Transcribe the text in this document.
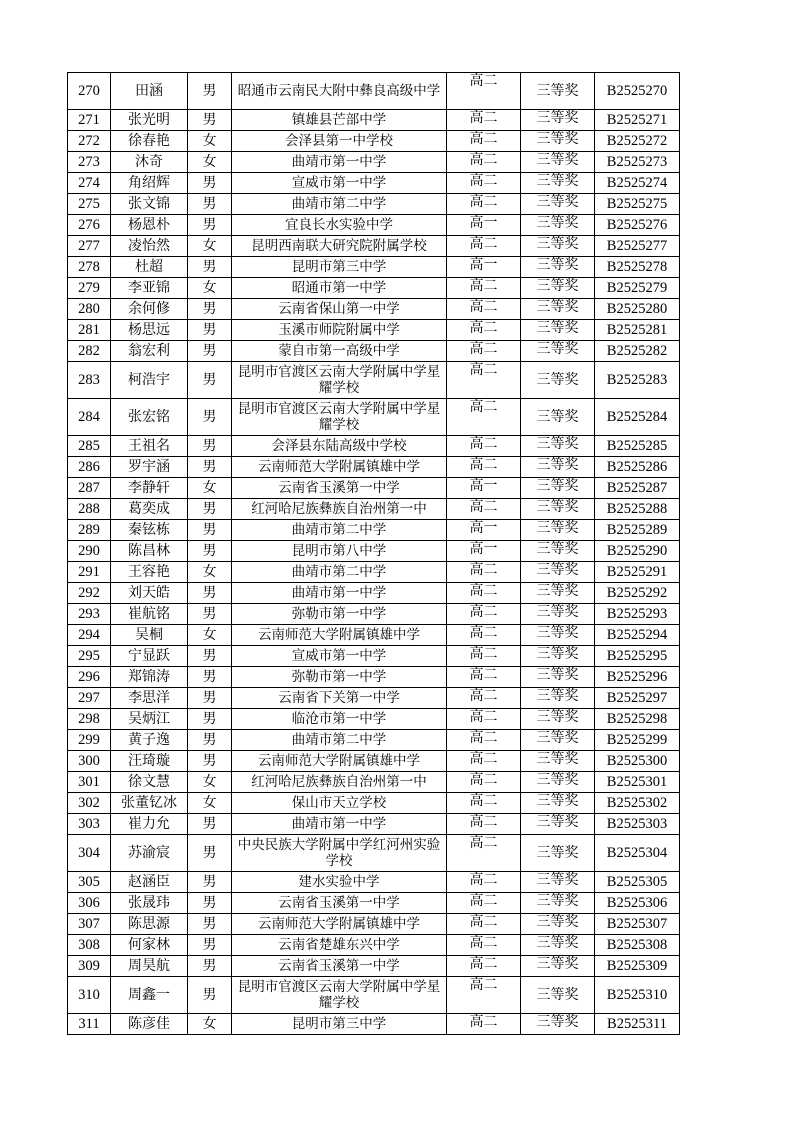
270	田涵	男	昭通市云南民大附中彝良高级中学	高二	三等奖	B2525270
271	张光明	男	镇雄县芒部中学	高二	三等奖	B2525271
272	徐春艳	女	会泽县第一中学校	高二	三等奖	B2525272
273	沐奇	女	曲靖市第一中学	高二	三等奖	B2525273
274	角绍辉	男	宣威市第一中学	高二	三等奖	B2525274
275	张文锦	男	曲靖市第二中学	高二	三等奖	B2525275
276	杨恩朴	男	宜良长水实验中学	高一	三等奖	B2525276
277	凌怡然	女	昆明西南联大研究院附属学校	高二	三等奖	B2525277
278	杜超	男	昆明市第三中学	高一	三等奖	B2525278
279	李亚锦	女	昭通市第一中学	高二	三等奖	B2525279
280	余何修	男	云南省保山第一中学	高二	三等奖	B2525280
281	杨思远	男	玉溪市师院附属中学	高二	三等奖	B2525281
282	翁宏利	男	蒙自市第一高级中学	高二	三等奖	B2525282
283	柯浩宇	男	昆明市官渡区云南大学附属中学星耀学校	高二	三等奖	B2525283
284	张宏铭	男	昆明市官渡区云南大学附属中学星耀学校	高二	三等奖	B2525284
285	王祖名	男	会泽县东陆高级中学校	高二	三等奖	B2525285
286	罗宇涵	男	云南师范大学附属镇雄中学	高二	三等奖	B2525286
287	李静轩	女	云南省玉溪第一中学	高一	三等奖	B2525287
288	葛奕成	男	红河哈尼族彝族自治州第一中	高二	三等奖	B2525288
289	秦铉栋	男	曲靖市第二中学	高一	三等奖	B2525289
290	陈昌林	男	昆明市第八中学	高一	三等奖	B2525290
291	王容艳	女	曲靖市第二中学	高二	三等奖	B2525291
292	刘天皓	男	曲靖市第一中学	高二	三等奖	B2525292
293	崔航铭	男	弥勒市第一中学	高二	三等奖	B2525293
294	吴桐	女	云南师范大学附属镇雄中学	高二	三等奖	B2525294
295	宁显跃	男	宣威市第一中学	高二	三等奖	B2525295
296	郑锦涛	男	弥勒市第一中学	高二	三等奖	B2525296
297	李思洋	男	云南省下关第一中学	高二	三等奖	B2525297
298	吴炳江	男	临沧市第一中学	高二	三等奖	B2525298
299	黄子逸	男	曲靖市第二中学	高二	三等奖	B2525299
300	汪琦璇	男	云南师范大学附属镇雄中学	高二	三等奖	B2525300
301	徐文慧	女	红河哈尼族彝族自治州第一中	高二	三等奖	B2525301
302	张董钇冰	女	保山市天立学校	高二	三等奖	B2525302
303	崔力允	男	曲靖市第一中学	高二	三等奖	B2525303
304	苏渝宸	男	中央民族大学附属中学红河州实验学校	高二	三等奖	B2525304
305	赵涵臣	男	建水实验中学	高二	三等奖	B2525305
306	张晟玮	男	云南省玉溪第一中学	高二	三等奖	B2525306
307	陈思源	男	云南师范大学附属镇雄中学	高二	三等奖	B2525307
308	何家林	男	云南省楚雄东兴中学	高二	三等奖	B2525308
309	周昊航	男	云南省玉溪第一中学	高二	三等奖	B2525309
310	周鑫一	男	昆明市官渡区云南大学附属中学星耀学校	高二	三等奖	B2525310
311	陈彦佳	女	昆明市第三中学	高二	三等奖	B2525311
